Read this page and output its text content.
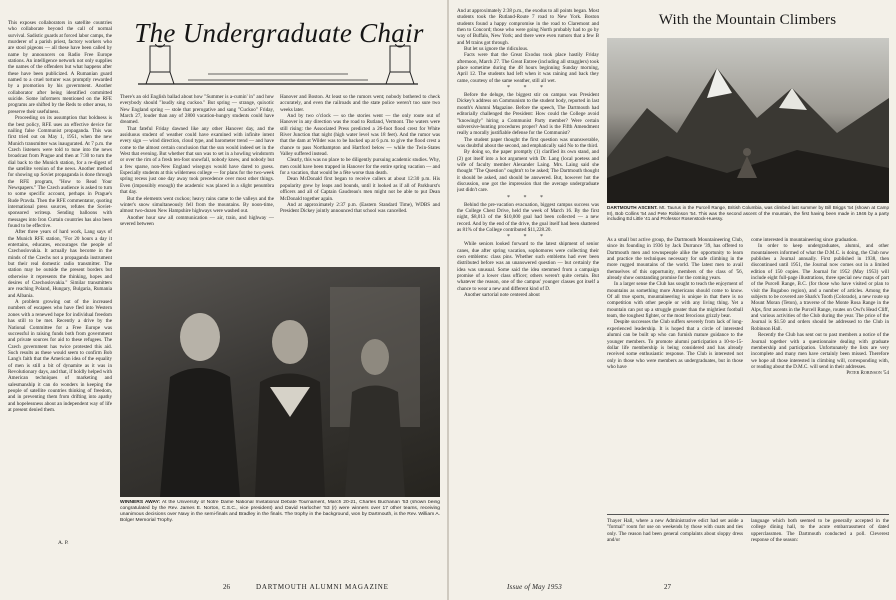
This exposes collaborators in satellite countries who collaborate beyond the call of normal survival. Sadistic guards at forced labor camps, the murderer of a parish priest, factory workers who are stool pigeons — all these have been called by name by announcers on Radio Free Europe stations. An intelligence network not only supplies the names of the offenders but what happens after these have been publicized. A Rumanian guard named to a cruel torturer was promptly rewarded by a promotion by his government. Another collaborator after being identified committed suicide. Some informers mentioned on the RFE programs are shifted by the Reds to other areas, to preserve their usefulness.

Proceeding on its assumption that boldness is the best policy, RFE uses an effective device for nailing false Communist propaganda. This was first tried out on May 1, 1951, when the new Munich transmitter was inaugurated. At 7 p.m. the Czech listeners were told to tune into the news broadcast from Prague and then at 7:30 to turn the dial back to the Munich station, for a re-digest of the satellite version of the news. Another method for showing up Soviet propaganda is done through the RFE program, "How to Read Your Newspapers." The Czech audience is asked to turn to some specific account, perhaps in Prague's Rude Pravda. Then the RFE commentator, quoting international press sources, refutes the Soviet-sponsored writeup. Sending balloons with messages into Iron Curtain countries has also been found to be effective.

After three years of hard work, Lang says of the Munich RFE station, "For 20 hours a day it entertains, educates, encourages the people of Czechoslovakia. It actually has become in the minds of the Czechs not a propaganda instrument but their real domestic radio transmitter. The station may be outside the present borders but otherwise it represents the thinking, hopes and desires of Czechoslovakia." Similar transmitters are reaching Poland, Hungary, Bulgaria, Rumania and Albania.

A problem growing out of the increased numbers of escapees who have fled into Western zones with a renewed hope for individual freedom has still to be met. Recently a drive by the National Committee for a Free Europe was successful in raising funds both from government and private sources for aid to these refugees. The Czech government has twice protested this aid. Such results as these would seem to confirm Bob Lang's faith that the American idea of the equality of men is still a bit of dynamite as it was in Revolutionary days, and that, if boldly helped with American techniques of marketing and salesmanship it can do wonders in keeping the people of satellite countries thinking of freedom, and in preventing them from drifting into apathy and hopelessness about an independent way of life at present denied them.

A. P.
The Undergraduate Chair

There's an old English ballad about how "Summer is a-cumin' in" and how everybody should "loudly sing cuckoo." But spring — strange, quixotic New England spring — stole that prerogative and sang "Cuckoo" Friday, March 27, louder than any of 2800 vacation-hungry students could have dreamed.

That fateful Friday dawned like any other Hanover day, and the assiduous student of weather could have examined with infinite intent every sign — wind direction, cloud type, and barometer trend — and have come to the almost certain conclusion that the sun would indeed set in the West that evening. But whether that sun was to set in a howling windstorm or over the rim of a fresh ten-foot snowfall, nobody knew, and nobody but a few sparse, non-New England wiseguys would have dared to guess. Especially students at this wilderness college — for plans for the two-week spring recess just one day away took precedence over most other things. Even (impossibly enough) the academic was placed in a slight penumbra that day.

But the elements went cuckoo; heavy rains came to the valleys and the winter's snow simultaneously fell from the mountains. By noon-time, almost two-dozen New Hampshire highways were washed out.

Another hour saw all communication — air, train, and highway — severed between

Hanover and Boston. At least so the rumors went; nobody bothered to check accurately, and even the railroads and the state police weren't too sure two weeks later.

And by two o'clock — so the stories went — the only route out of Hanover in any direction was the road to Rutland, Vermont. The waters were still rising: the Associated Press predicted a 26-foot flood crest for White River Junction that night (high water level was 18 feet). And the rumor was that the dam at Wilder was to be backed up at 6 p.m. to give the flood crest a chance to pass Northampton and Hartford below — while the Twin-States Valley suffered instead.

Clearly, this was no place to be diligently pursuing academic studies. Why, men could have been trapped in Hanover for the entire spring vacation — and for a vacation, that would be a fête worse than death.

Dean McDonald first began to receive callers at about 12:30 p.m. His popularity grew by leaps and bounds, until it looked as if all of Parkhurst's officers and all of Captain Gaudreau's men might not be able to put Dean McDonald together again.

And at approximately 2:37 p.m. (Eastern Standard Time), WDBS and President Dickey jointly announced that school was cancelled.

WINNERS AWAY: At the University of Notre Dame National Invitational Debate Tournament, March 20-21, Charles Buchanan '53 (shown being congratulated by the Rev. James E. Norton, C.S.C., vice president) and David Harlocher '53 (r) were winners over 17 other teams, receiving unanimous decisions over Navy in the semi-finals and Bradley in the finals. The trophy in the background, won by Dartmouth, is the Rev. William A. Bolger Memorial Trophy.
26	DARTMOUTH ALUMNI MAGAZINE

And at approximately 2:38 p.m., the exodus to all points began. Most students took the Rutland-Route 7 road to New York. Boston students found a happy compromise in the road to Claremont and then to Concord; those who were going North probably had to go by way of Buffalo, New York; and there were even rumors that a few B and M trains got through.

But let us ignore the ridiculous.

Facts were that the Great Exodus took place hastily Friday afternoon, March 27. The Great Entree (including all stragglers) took place sometime during the 48 hours beginning Sunday morning, April 12. The students had left when it was raining and back they came, courtesy of the same weather, still all wet.

* * *

Before the deluge, the biggest stir on campus was President Dickey's address on Communism to the student body, reported in last month's Alumni Magazine. Before the speech, The Dartmouth had editorially challenged the President: How could the College avoid "knowingly" hiring a Communist Party member? Were certain subversive-hunting procedures proper? And is the Fifth Amendment really a morally justifiable defense for the Communist?

The student paper thought the first question was unanswerable, was doubtful about the second, and emphatically said No to the third.

By doing so, the paper promptly (1) clarified its own stand, and (2) got itself into a hot argument with Dr. Lang (local poetess and wife of faculty member Alexander Laing. Mrs. Laing said she thought "The Question" oughtn't to be asked; The Dartmouth thought it should be asked, and should be answered. But, however hot the discussion, one got the impression that the average undergraduate just didn't care.

* * *

Behind the pre-vacation evacuation, biggest campus success was the College Chest Drive, held the week of March 16. By the first night, $8,013 of the $10,000 goal had been collected — a new record. And by the end of the drive, the goal itself had been shattered as 81% of the College contributed $11,228.20.

* * *

While seniors looked forward to the latest shipment of senior canes, due after spring vacation, sophomores were collecting their own emblems: class pins. Whether such emblems had ever been distributed before was an unanswered question — but certainly the idea was unusual. Some said the idea stemmed from a campaign promise of a lower class officer; others weren't quite certain. But whatever the reason, one of the campus' younger classes got itself a chance to wear a new and different kind of D.

Another sartorial note centered about

With the Mountain Climbers
DARTMOUTH ASCENT. Mt. Taurus in the Purcell Range, British Columbia, was climbed last summer by Bill Briggs '54 (shown at Camp III), Bob Collins '54 and Pete Robinson '54. This was the second ascent of the mountain, the first having been made in 1946 by a party including Ed Little '41 and Professor Rosenstock-Huessy.

As a small but active group, the Dartmouth Mountaineering Club, since its founding in 1936 by Jack Durrance '39, has offered to Dartmouth men and townspeople alike the opportunity to learn and practice the techniques necessary for safe climbing in the more rugged mountains of the world. The latest men to avail themselves of this opportunity, members of the class of '56, already show outstanding promise for the coming years.

In a larger sense the Club has sought to teach the enjoyment of mountains as something more Americans should come to know. Of all true sports, mountaineering is unique in that there is no competition with other people or with any living thing. Yet a mountain can put up a struggle greater than the mightiest football team, the toughest fighter, or the most ferocious grizzly bear.

Despite successes the Club suffers severely from lack of long-experienced leadership. It is hoped that a circle of interested alumni can be built up who can furnish mature guidance to the younger members. To promote alumni participation a 10-to-15-dollar life membership is being considered and has already received some enthusiastic response. The Club is interested not only in those who were members as undergraduates, but in those who have

come interested in mountaineering since graduation.

In order to keep undergraduates, alumni, and other mountaineers informed of what the D.M.C. is doing, the Club now publishes a Journal annually. First published in 1938, then discontinued until 1951, the Journal now comes out in a limited edition of 150 copies. The Journal for 1952 (May 1953) will include eight full-page illustrations, three special new maps of part of the Purcell Range, B.C. (for those who have visited or plan to visit the Bugaboo region), and a number of articles. Among the subjects to be covered are Shark's Tooth (Colorado), a new route up Mount Moran (Teton), a traverse of the Monte Rosa Range in the Alps, first ascents in the Purcell Range, routes on Owl's Head Cliff, and various activities of the Club during the year. The price of the Journal is $1.50 and orders should be addressed to the Club in Robinson Hall.

Recently the Club has sent out to past members a notice of the Journal together with a questionnaire dealing with graduate membership and participation. Unfortunately the lists are very incomplete and many men have certainly been missed. Therefore we hope all those interested in climbing will, corresponding with, or reading about the D.M.C. will send in their addresses.

Peter Robinson '54

Thayer Hall, where a new Administrative edict had set aside a "formal" room for use on weekends by those with coats and ties only. The reason had been general complaints about sloppy dress and/or

language which both seemed to be generally accepted in the college dining hall, to the acute embarrassment of dated upperclassmen. The Dartmouth conducted a poll. Cleverest response of the season:

Issue of May 1953	27
